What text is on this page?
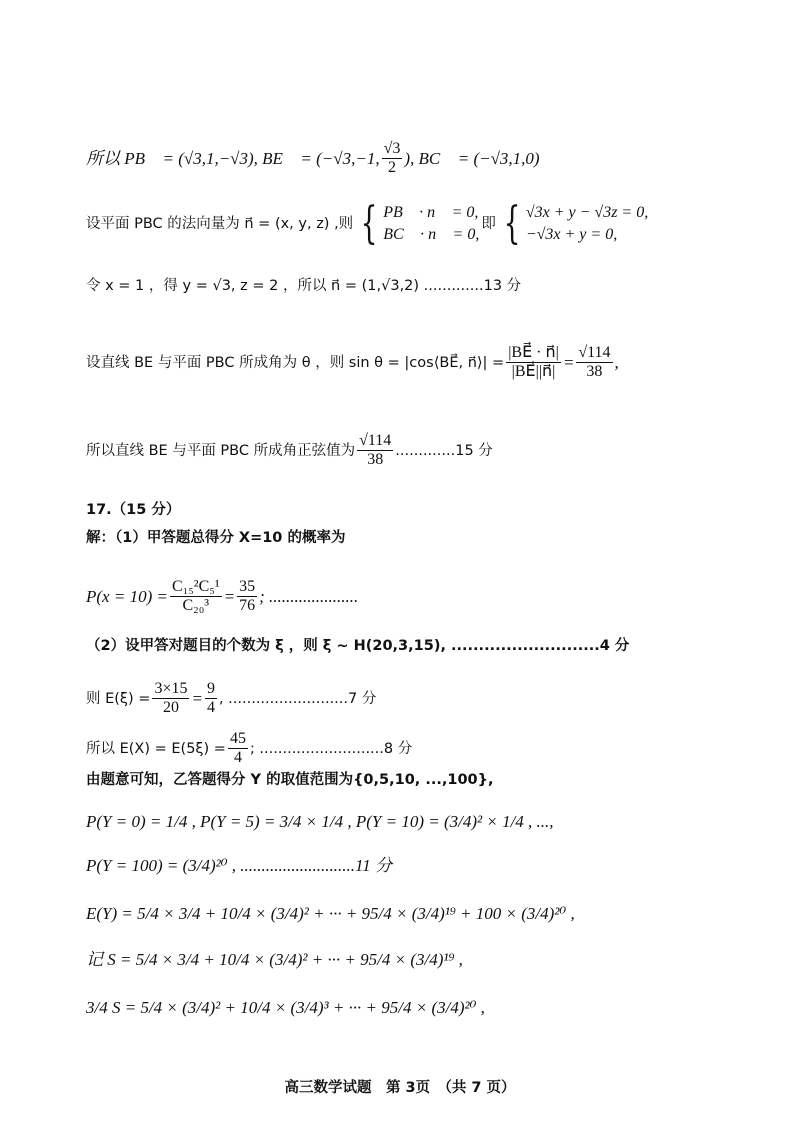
所以 PB⃗ = (√3,1,−√3), BE⃗ = (−√3,−1, $\frac{√3}{2}$ ), BC⃗ = (−√3,1,0)，
设平面 PBC 的法向量为 n⃗ = (x, y, z) ,则 { PB⃗ · n⃗ = 0,
BC⃗ · n⃗ = 0,
即 { √3x + y − √3z = 0,
−√3x + y = 0,
令 x = 1 ，得 y = √3, z = 2 ，所以 n⃗ = (1,√3,2) .............13 分
设直线 BE 与平面 PBC 所成角为 θ ，则 sin θ = |cos⟨BE⃗, n⃗⟩| = $\frac{|BE⃗ \cdot n⃗|}{|BE⃗||n⃗|} = \frac{√114}{38}$ ,
所以直线 BE 与平面 PBC 所成角正弦值为 $\frac{√114}{38} .............15$ 分
17.（15 分）
解：（1）甲答题总得分 X=10 的概率为
$P(x = 10) = \frac{\text{C₁₅²C₅¹}}{\text{C₂₀³}} = \frac{35}{76}$ ; .....................
（2）设甲答对题目的个数为 ξ ，则 ξ ~ H(20,3,15), ...........................4 分
则 $E(\xi) = \frac{3\times 15}{20} = \frac{9}{4}$ , ..........................7 分
所以 $E(X) = E(5\xi) = \frac{45}{4}$ ; ...........................8 分
由题意可知，乙答题得分 Y 的取值范围为{0,5,10, ...,100},
P(Y = 0) = 1/4 , P(Y = 5) = 3/4 × 1/4 , P(Y = 10) = (3/4)² × 1/4 , ...,
P(Y = 100) = (3/4)²⁰ , ...........................11 分
E(Y) = 5/4 × 3/4 + 10/4 × (3/4)² + ··· + 95/4 × (3/4)¹⁹ + 100 × (3/4)²⁰ ,
记 S = 5/4 × 3/4 + 10/4 × (3/4)² + ··· + 95/4 × (3/4)¹⁹ ,
3/4 S = 5/4 × (3/4)² + 10/4 × (3/4)³ + ··· + 95/4 × (3/4)²⁰ ,
高三数学试题　第 3页　（共 7 页）
